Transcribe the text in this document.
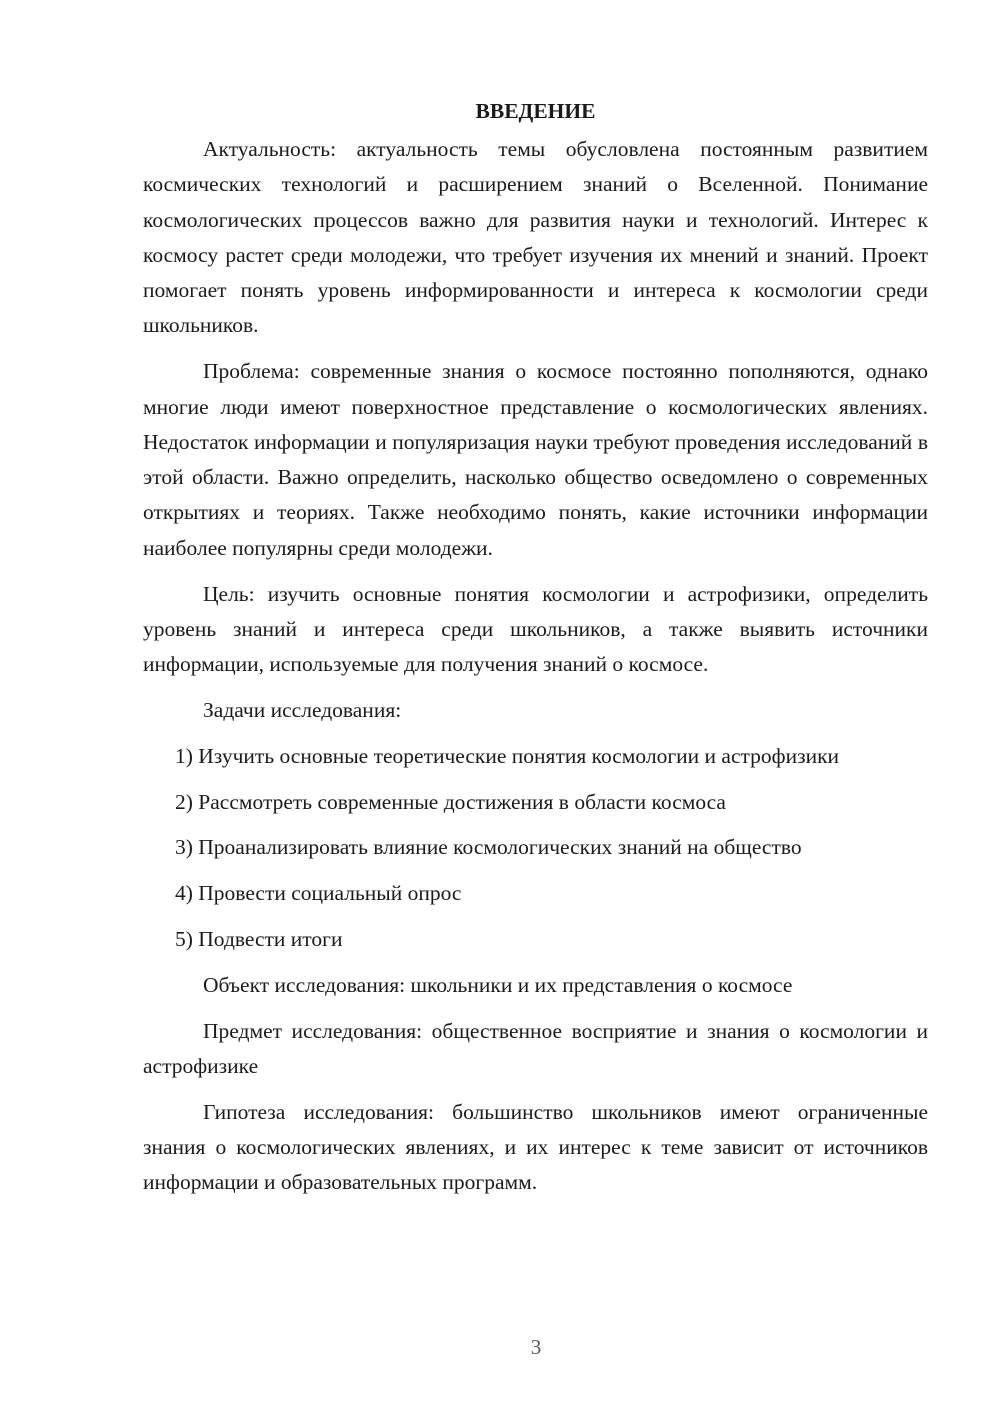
ВВЕДЕНИЕ

Актуальность: актуальность темы обусловлена постоянным развитием космических технологий и расширением знаний о Вселенной. Понимание космологических процессов важно для развития науки и технологий. Интерес к космосу растет среди молодежи, что требует изучения их мнений и знаний. Проект помогает понять уровень информированности и интереса к космологии среди школьников.

Проблема: современные знания о космосе постоянно пополняются, однако многие люди имеют поверхностное представление о космологических явлениях. Недостаток информации и популяризация науки требуют проведения исследований в этой области. Важно определить, насколько общество осведомлено о современных открытиях и теориях. Также необходимо понять, какие источники информации наиболее популярны среди молодежи.

Цель: изучить основные понятия космологии и астрофизики, определить уровень знаний и интереса среди школьников, а также выявить источники информации, используемые для получения знаний о космосе.

Задачи исследования:

1) Изучить основные теоретические понятия космологии и астрофизики

2) Рассмотреть современные достижения в области космоса

3) Проанализировать влияние космологических знаний на общество

4) Провести социальный опрос

5) Подвести итоги

Объект исследования: школьники и их представления о космосе

Предмет исследования: общественное восприятие и знания о космологии и астрофизике

Гипотеза исследования: большинство школьников имеют ограниченные знания о космологических явлениях, и их интерес к теме зависит от источников информации и образовательных программ.

3
